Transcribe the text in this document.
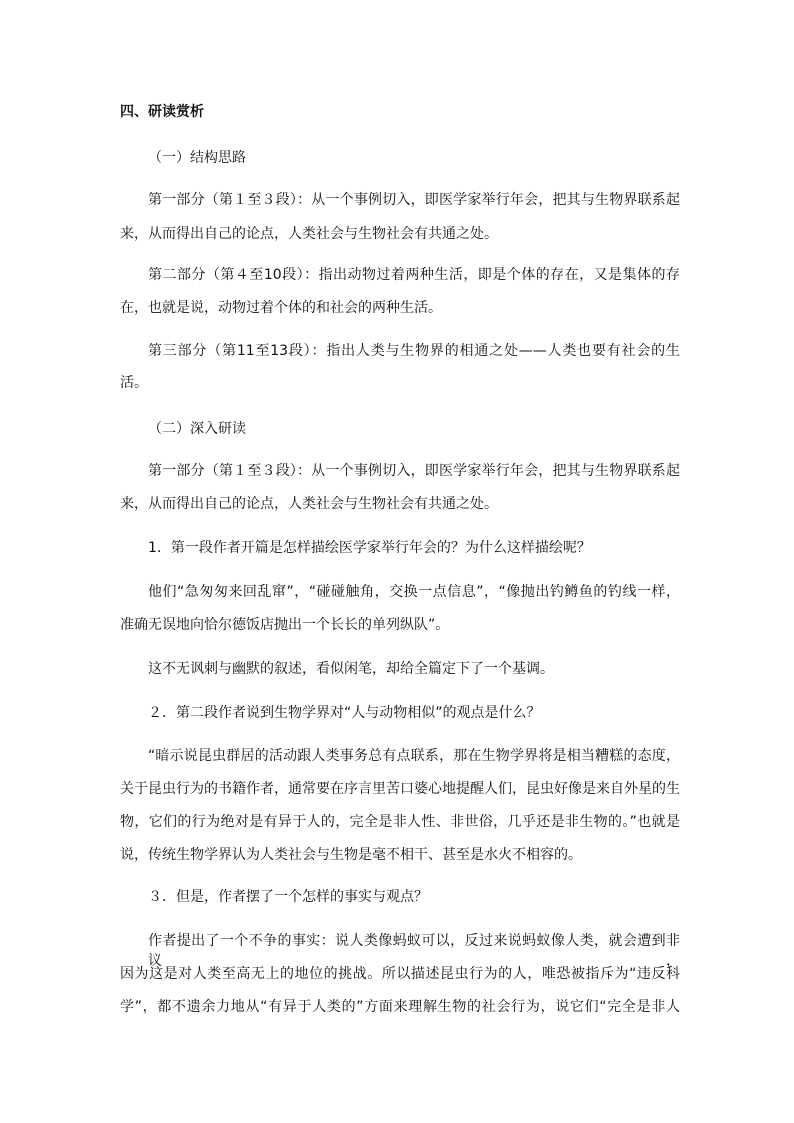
四、研读赏析
（一）结构思路
第一部分（第１至３段）：从一个事例切入，即医学家举行年会，把其与生物界联系起
来，从而得出自己的论点，人类社会与生物社会有共通之处。
第二部分（第４至10段）：指出动物过着两种生活，即是个体的存在，又是集体的存
在，也就是说，动物过着个体的和社会的两种生活。
第三部分（第11至13段）：指出人类与生物界的相通之处——人类也要有社会的生
活。
（二）深入研读
第一部分（第１至３段）：从一个事例切入，即医学家举行年会，把其与生物界联系起
来，从而得出自己的论点，人类社会与生物社会有共通之处。
1．第一段作者开篇是怎样描绘医学家举行年会的？为什么这样描绘呢？
他们“急匆匆来回乱窜”，“碰碰触角，交换一点信息”，“像抛出钓鳟鱼的钓线一样，
准确无误地向恰尔德饭店抛出一个长长的单列纵队”。
这不无讽刺与幽默的叙述，看似闲笔，却给全篇定下了一个基调。
２．第二段作者说到生物学界对“人与动物相似”的观点是什么？
“暗示说昆虫群居的活动跟人类事务总有点联系，那在生物学界将是相当糟糕的态度，
关于昆虫行为的书籍作者，通常要在序言里苦口婆心地提醒人们，昆虫好像是来自外星的生
物，它们的行为绝对是有异于人的，完全是非人性、非世俗，几乎还是非生物的。”也就是
说，传统生物学界认为人类社会与生物是毫不相干、甚至是水火不相容的。
３．但是，作者摆了一个怎样的事实与观点？
作者提出了一个不争的事实：说人类像蚂蚁可以，反过来说蚂蚁像人类，就会遭到非议，
因为这是对人类至高无上的地位的挑战。所以描述昆虫行为的人，唯恐被指斥为“违反科
学”，都不遗余力地从“有异于人类的”方面来理解生物的社会行为，说它们“完全是非人
